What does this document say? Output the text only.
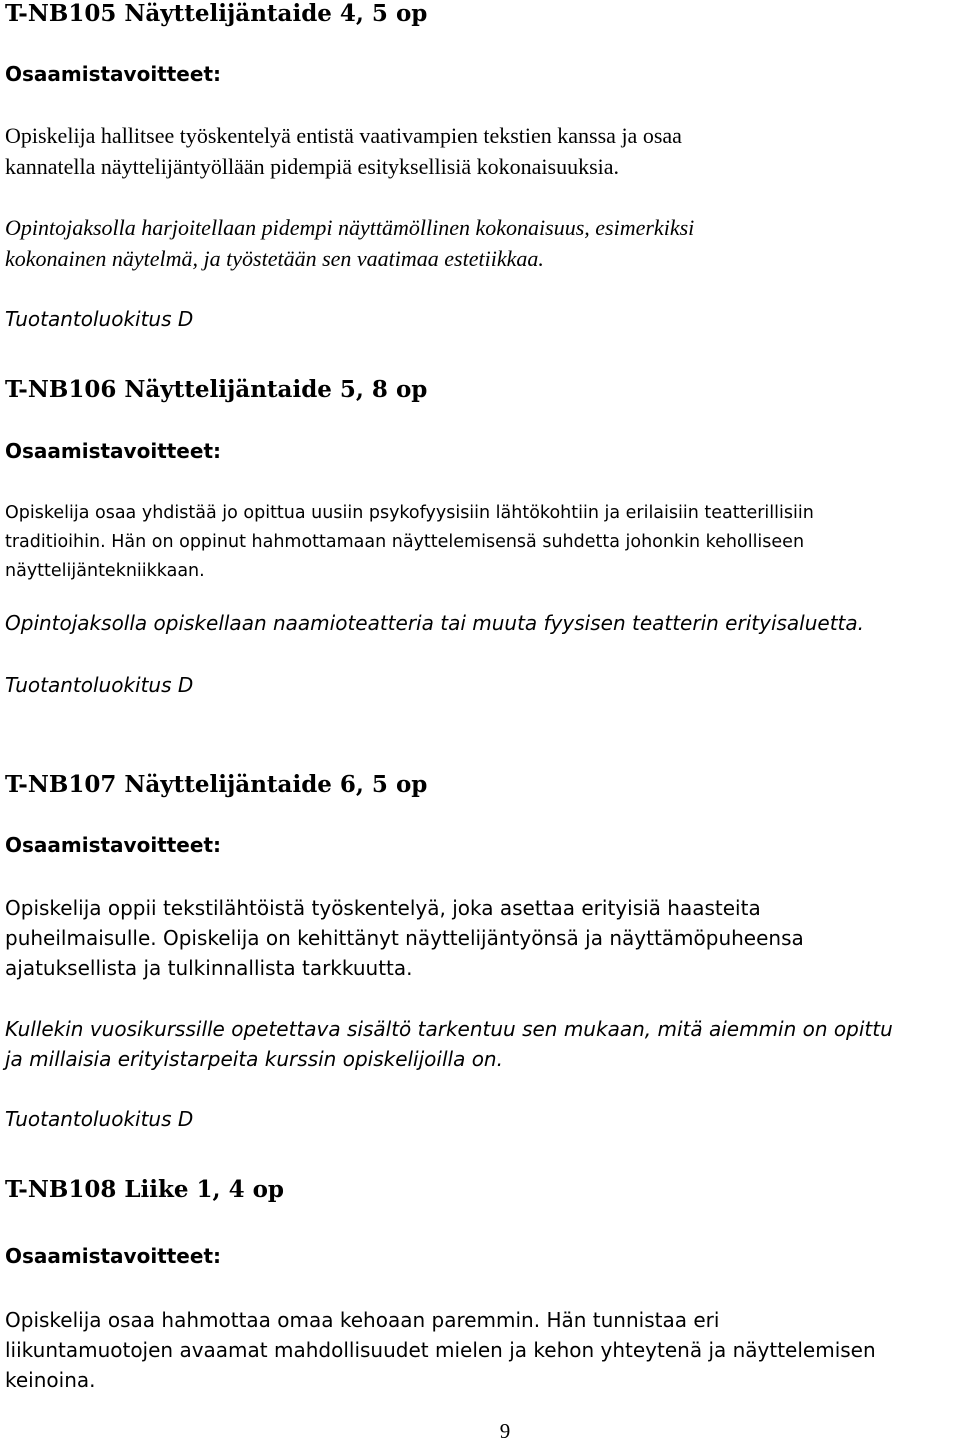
T-NB105 Näyttelijäntaide 4, 5 op
Osaamistavoitteet:
Opiskelija hallitsee työskentelyä entistä vaativampien tekstien kanssa ja osaa
kannatella näyttelijäntyöllään pidempiä esityksellisiä kokonaisuuksia.
Opintojaksolla harjoitellaan pidempi näyttämöllinen kokonaisuus, esimerkiksi
kokonainen näytelmä, ja työstetään sen vaatimaa estetiikkaa.
Tuotantoluokitus D
T-NB106 Näyttelijäntaide 5, 8 op
Osaamistavoitteet:
Opiskelija osaa yhdistää jo opittua uusiin psykofyysisiin lähtökohtiin ja erilaisiin teatterillisiin
traditioihin. Hän on oppinut hahmottamaan näyttelemisensä suhdetta johonkin keholliseen
näyttelijäntekniikkaan.
Opintojaksolla opiskellaan naamioteatteria tai muuta fyysisen teatterin erityisaluetta.
Tuotantoluokitus D
T-NB107 Näyttelijäntaide 6, 5 op
Osaamistavoitteet:
Opiskelija oppii tekstilähtöistä työskentelyä, joka asettaa erityisiä haasteita
puheilmaisulle. Opiskelija on kehittänyt näyttelijäntyönsä ja näyttämöpuheensa
ajatuksellista ja tulkinnallista tarkkuutta.
Kullekin vuosikurssille opetettava sisältö tarkentuu sen mukaan, mitä aiemmin on opittu
ja millaisia erityistarpeita kurssin opiskelijoilla on.
Tuotantoluokitus D
T-NB108 Liike 1, 4 op
Osaamistavoitteet:
Opiskelija osaa hahmottaa omaa kehoaan paremmin. Hän tunnistaa eri
liikuntamuotojen avaamat mahdollisuudet mielen ja kehon yhteytenä ja näyttelemisen
keinoina.
9
